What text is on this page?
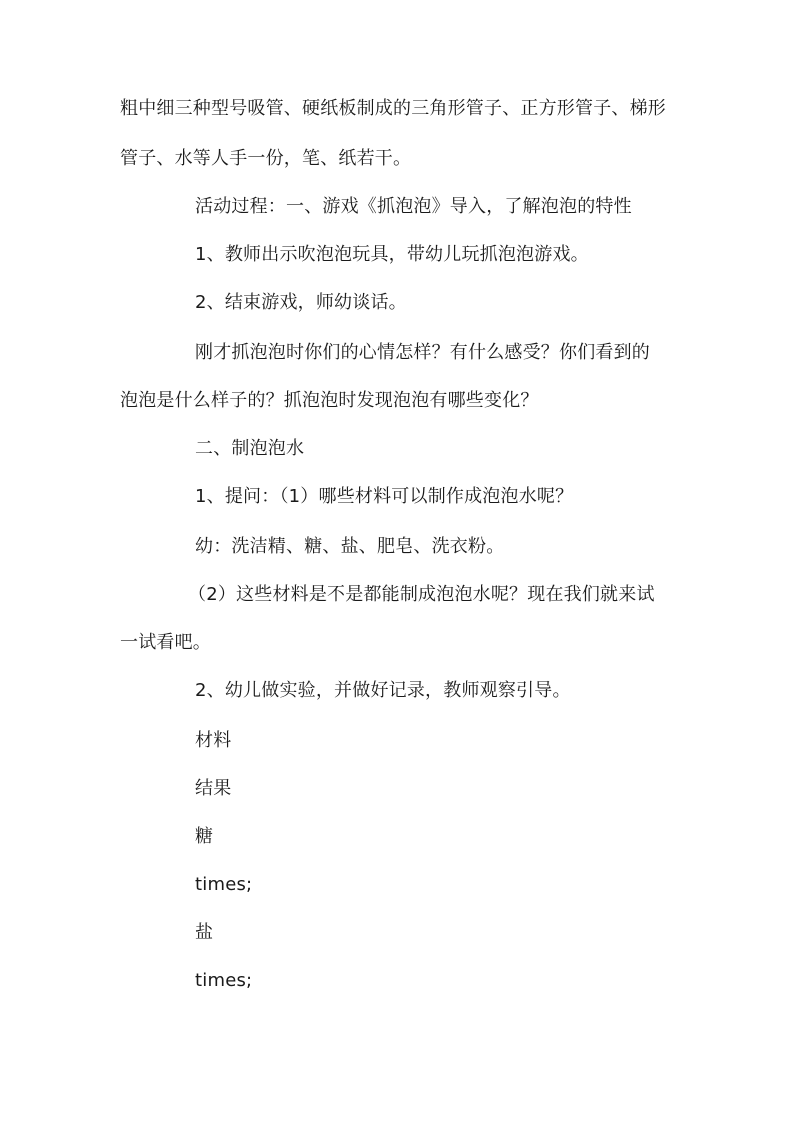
粗中细三种型号吸管、硬纸板制成的三角形管子、正方形管子、梯形
管子、水等人手一份，笔、纸若干。
活动过程：一、游戏《抓泡泡》导入，了解泡泡的特性
1、教师出示吹泡泡玩具，带幼儿玩抓泡泡游戏。
2、结束游戏，师幼谈话。
刚才抓泡泡时你们的心情怎样？有什么感受？你们看到的
泡泡是什么样子的？抓泡泡时发现泡泡有哪些变化？
二、制泡泡水
1、提问：（1）哪些材料可以制作成泡泡水呢？
幼：洗洁精、糖、盐、肥皂、洗衣粉。
（2）这些材料是不是都能制成泡泡水呢？现在我们就来试
一试看吧。
2、幼儿做实验，并做好记录，教师观察引导。
材料
结果
糖
times;
盐
times;
